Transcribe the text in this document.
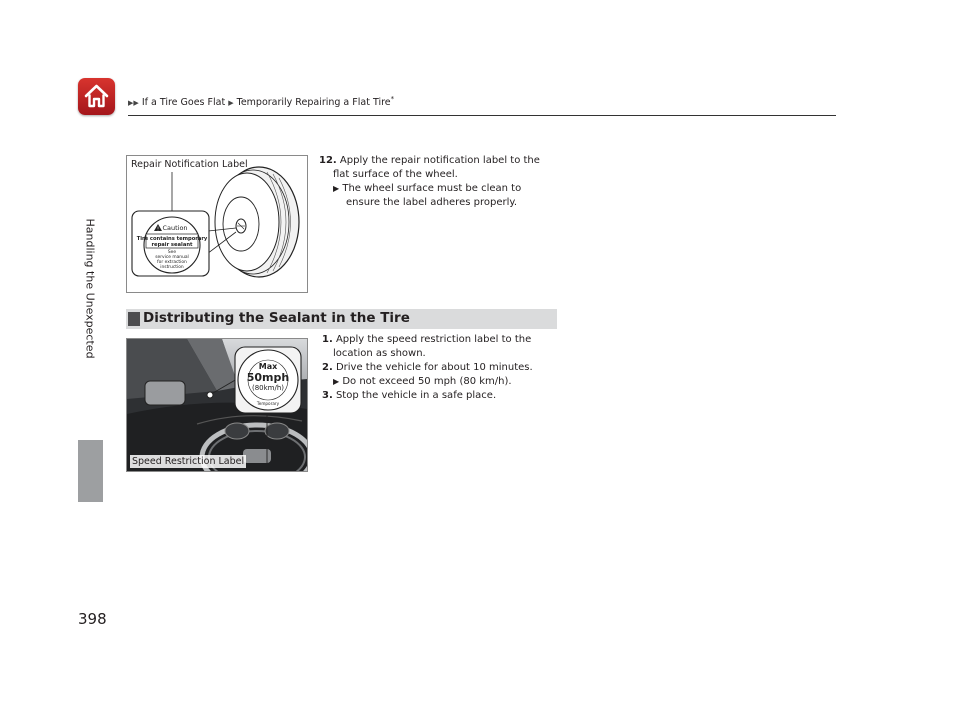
▶▶ If a Tire Goes Flat ▶ Temporarily Repairing a Flat Tire*
Handling the Unexpected
398
! Caution
Tire contains temporary
repair sealant
See
service manual
for extraction
instruction
Repair Notification Label	12. Apply the repair notification label to the
flat surface of the wheel.
▶ The wheel surface must be clean to
ensure the label adheres properly.
Distributing the Sealant in the Tire
Max
50mph
(80km/h)
Temporary
Speed Restriction Label
1. Apply the speed restriction label to the
location as shown.
2. Drive the vehicle for about 10 minutes.
▶ Do not exceed 50 mph (80 km/h).
3. Stop the vehicle in a safe place.
